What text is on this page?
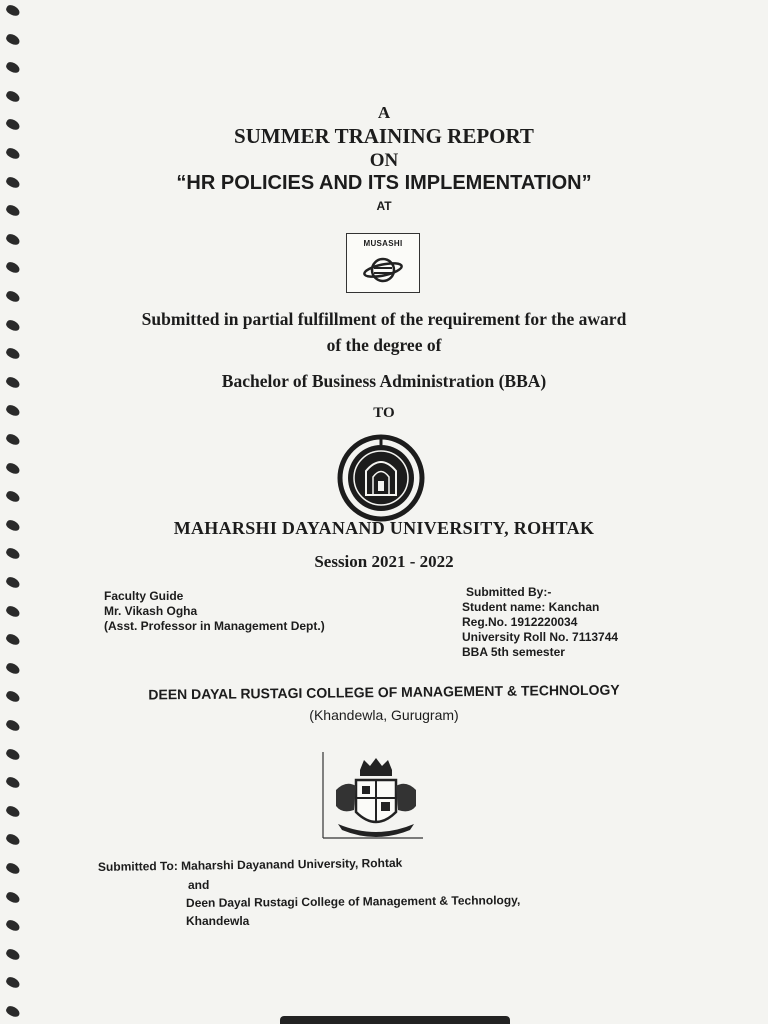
A
SUMMER TRAINING REPORT
ON
“HR POLICIES AND ITS IMPLEMENTATION”
AT
MUSASHI
Submitted in partial fulfillment of the requirement for the award
of the degree of
Bachelor of Business Administration (BBA)
TO
MAHARSHI DAYANAND UNIVERSITY, ROHTAK
Session 2021 - 2022
Faculty Guide
Mr. Vikash Ogha
(Asst. Professor in Management Dept.)
Submitted By:-
Student name: Kanchan
Reg.No. 1912220034
University Roll No. 7113744
BBA 5th semester
DEEN DAYAL RUSTAGI COLLEGE OF MANAGEMENT & TECHNOLOGY
(Khandewla, Gurugram)
Submitted To: Maharshi Dayanand University, Rohtak
and
Deen Dayal Rustagi College of Management & Technology,
Khandewla
